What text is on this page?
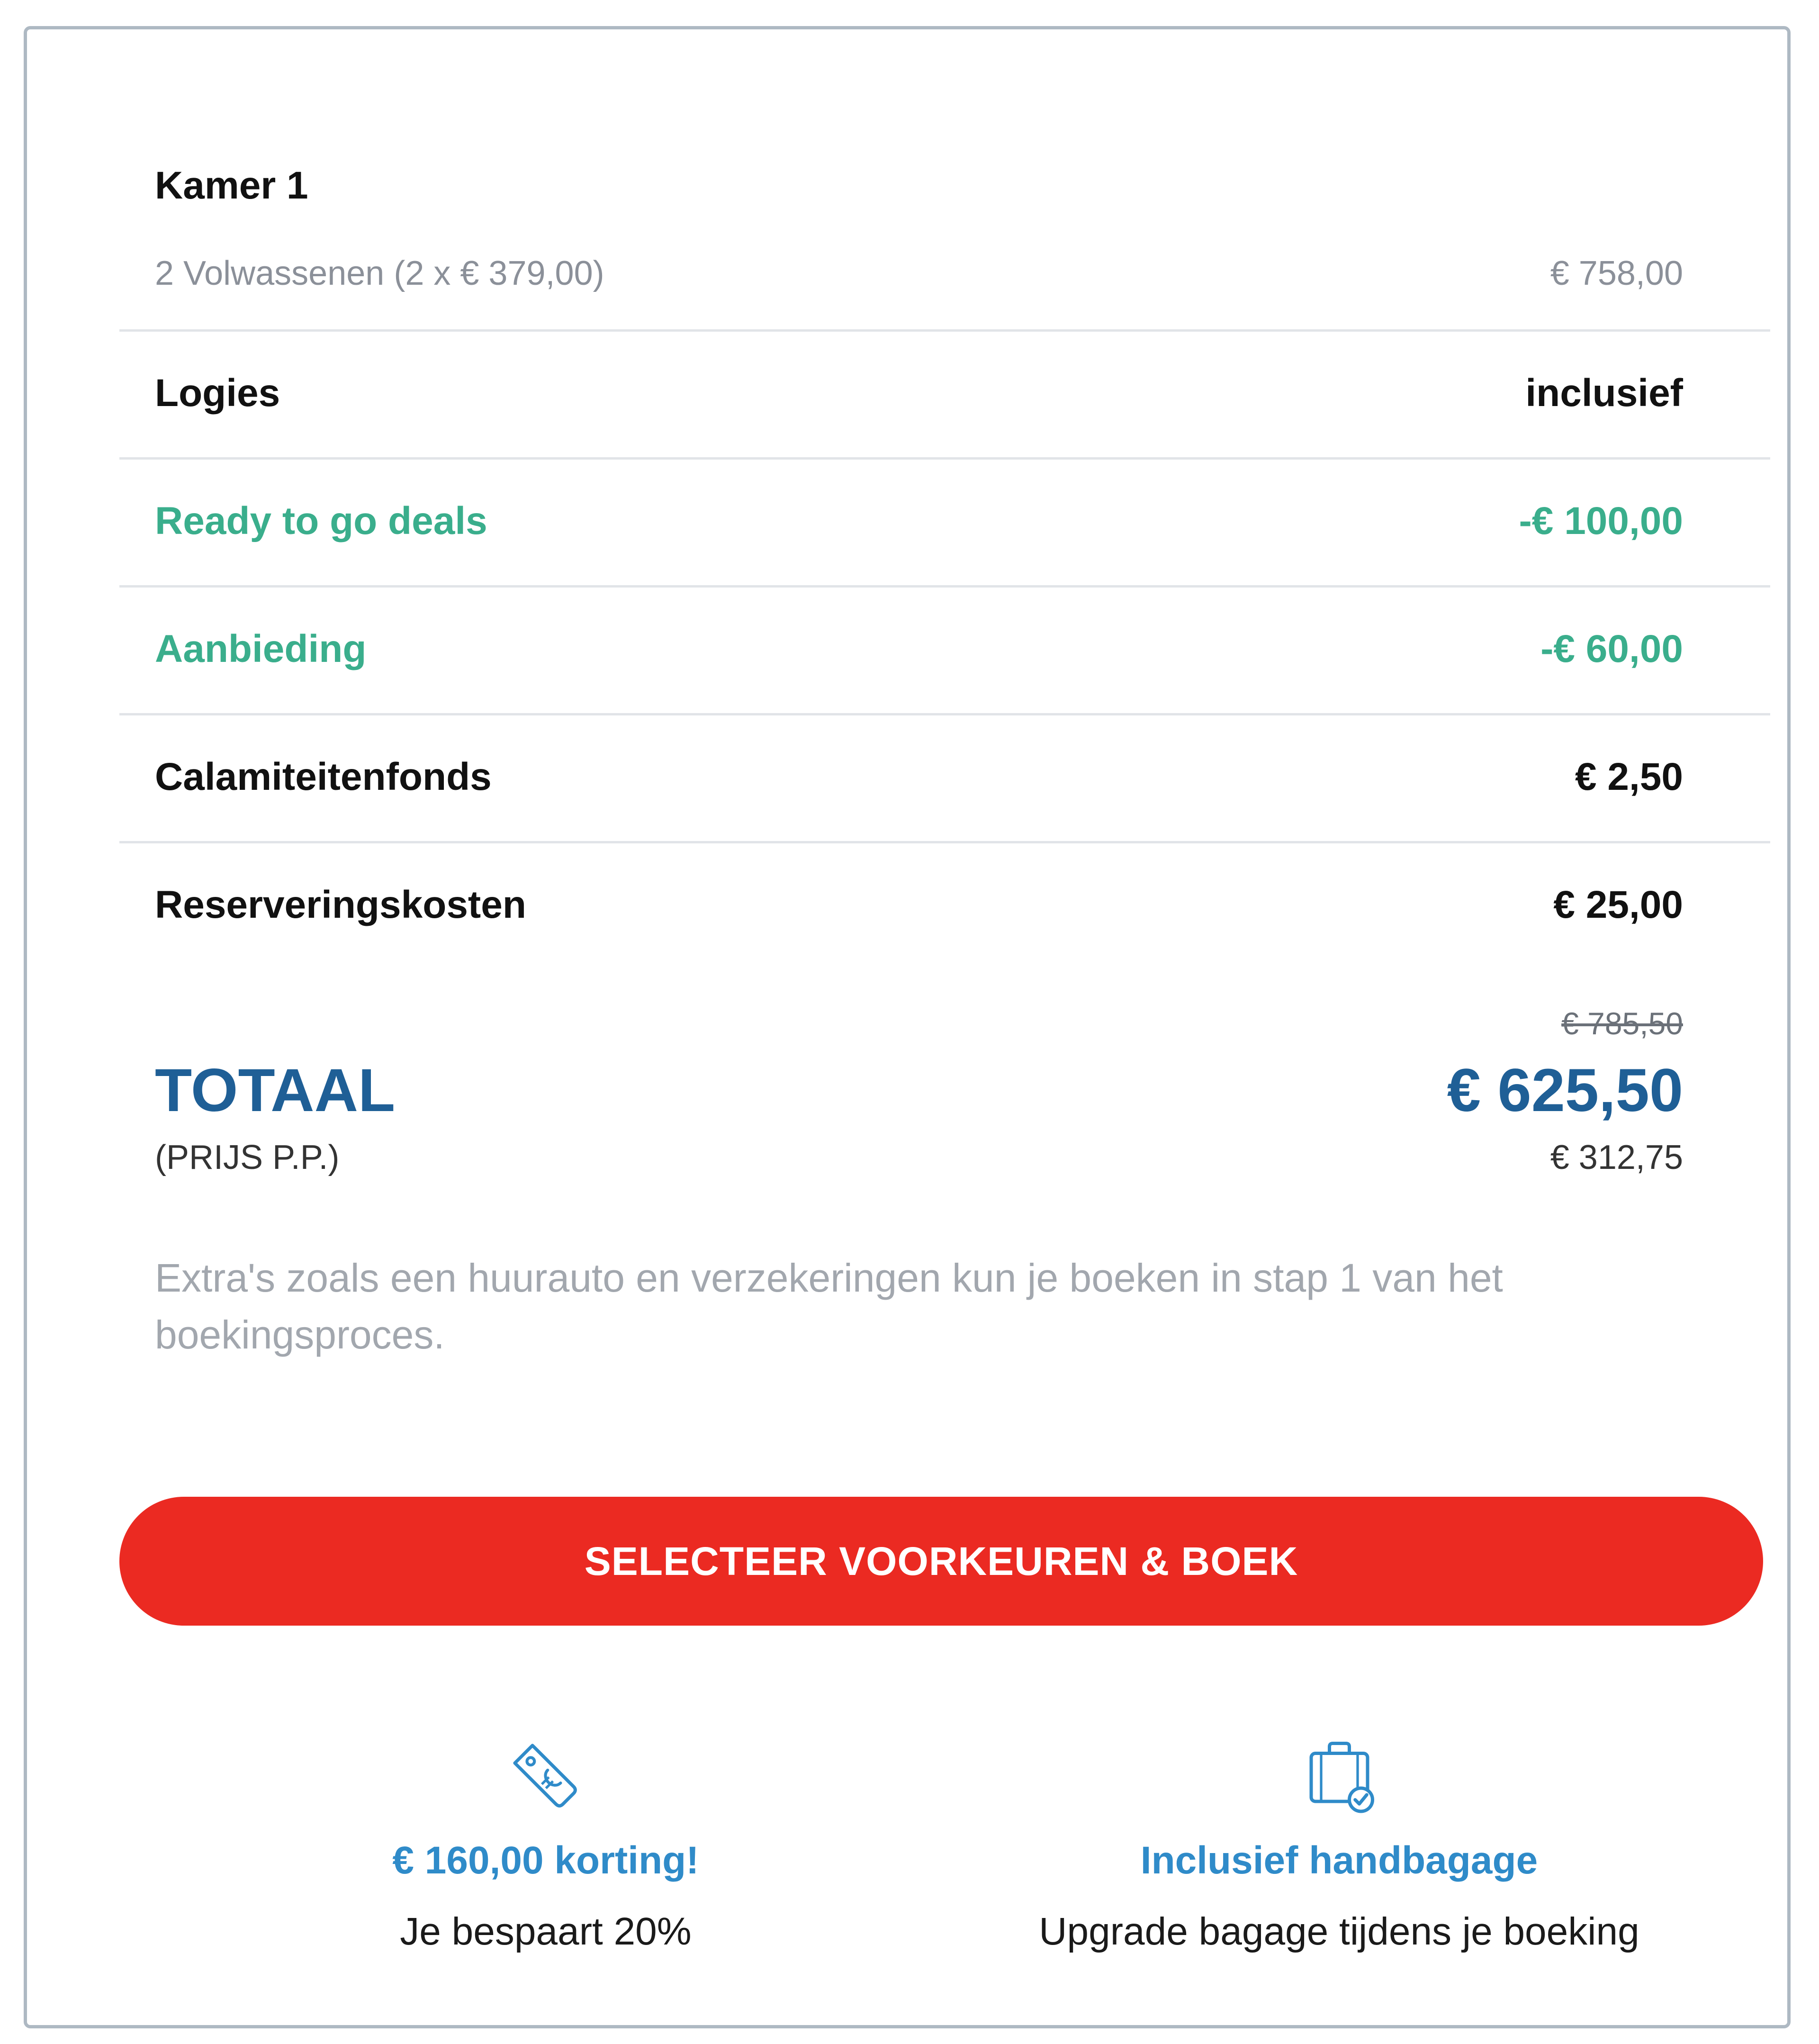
Kamer 1
2 Volwassenen (2 x € 379,00)	€ 758,00
Logies	inclusief
Ready to go deals	-€ 100,00
Aanbieding	-€ 60,00
Calamiteitenfonds	€ 2,50
Reserveringskosten	€ 25,00
€ 785,50
TOTAAL	€ 625,50
(PRIJS P.P.)	€ 312,75
Extra's zoals een huurauto en verzekeringen kun je boeken in stap 1 van het boekingsproces.
SELECTEER VOORKEUREN & BOEK
€ 160,00 korting!
Je bespaart 20%
Inclusief handbagage
Upgrade bagage tijdens je boeking
